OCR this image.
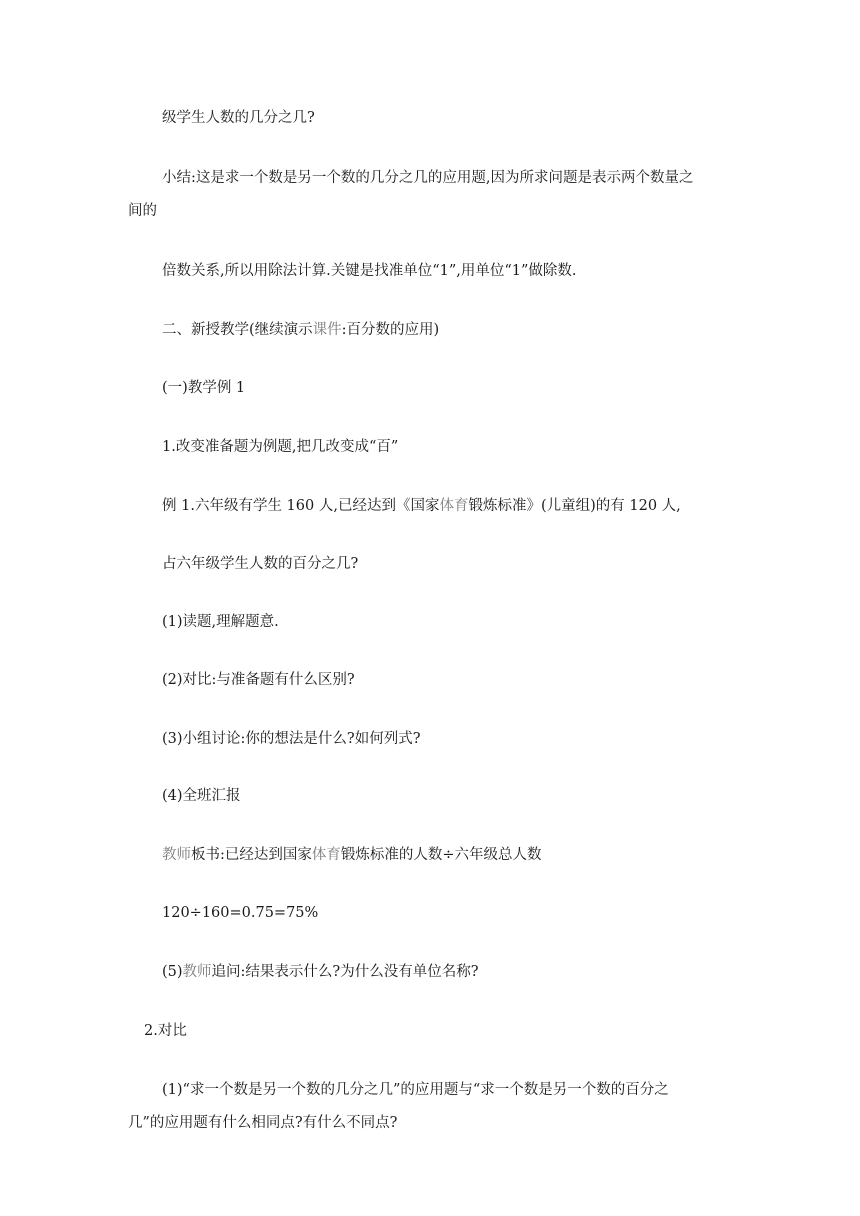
级学生人数的几分之几?
小结:这是求一个数是另一个数的几分之几的应用题,因为所求问题是表示两个数量之
间的
倍数关系,所以用除法计算.关键是找准单位“1”,用单位“1”做除数.
二、新授教学(继续演示课件:百分数的应用)
(一)教学例 1
1.改变准备题为例题,把几改变成“百”
例 1.六年级有学生 160 人,已经达到《国家体育锻炼标准》(儿童组)的有 120 人,
占六年级学生人数的百分之几?
(1)读题,理解题意.
(2)对比:与准备题有什么区别?
(3)小组讨论:你的想法是什么?如何列式?
(4)全班汇报
教师板书:已经达到国家体育锻炼标准的人数÷六年级总人数
120÷160=0.75=75%
(5)教师追问:结果表示什么?为什么没有单位名称?
2.对比
(1)“求一个数是另一个数的几分之几”的应用题与“求一个数是另一个数的百分之
几”的应用题有什么相同点?有什么不同点?
